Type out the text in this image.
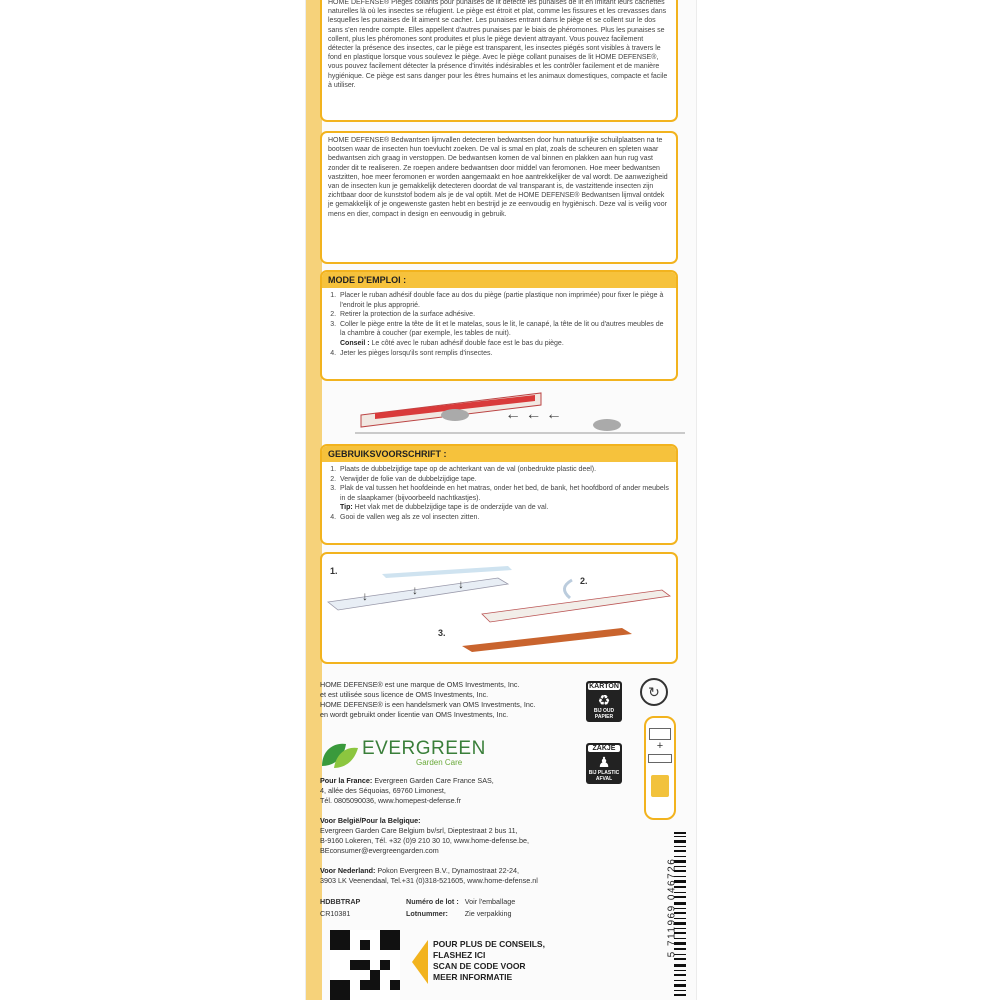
HOME DEFENSE® Pièges collants pour punaises de lit détecte les punaises de lit en imitant leurs cachettes naturelles là où les insectes se réfugient. Le piège est étroit et plat, comme les fissures et les crevasses dans lesquelles les punaises de lit aiment se cacher. Les punaises entrant dans le piège et se collent sur le dos sans s'en rendre compte. Elles appellent d'autres punaises par le biais de phéromones. Plus les punaises se collent, plus les phéromones sont produites et plus le piège devient attrayant. Vous pouvez facilement détecter la présence des insectes, car le piège est transparent, les insectes piégés sont visibles à travers le fond en plastique lorsque vous soulevez le piège. Avec le piège collant punaises de lit HOME DEFENSE®, vous pouvez facilement détecter la présence d'invités indésirables et les contrôler facilement et de manière hygiénique. Ce piège est sans danger pour les êtres humains et les animaux domestiques, compacte et facile à utiliser.

HOME DEFENSE® Bedwantsen lijmvallen detecteren bedwantsen door hun natuurlijke schuilplaatsen na te bootsen waar de insecten hun toevlucht zoeken. De val is smal en plat, zoals de scheuren en spleten waar bedwantsen zich graag in verstoppen. De bedwantsen komen de val binnen en plakken aan hun rug vast zonder dit te realiseren. Ze roepen andere bedwantsen door middel van feromonen. Hoe meer bedwantsen vastzitten, hoe meer feromonen er worden aangemaakt en hoe aantrekkelijker de val wordt. De aanwezigheid van de insecten kun je gemakkelijk detecteren doordat de val transparant is, de vastzittende insecten zijn zichtbaar door de kunststof bodem als je de val optilt. Met de HOME DEFENSE® Bedwantsen lijmval ontdek je gemakkelijk of je ongewenste gasten hebt en bestrijd je ze eenvoudig en hygiënisch. Deze val is veilig voor mens en dier, compact in design en eenvoudig in gebruik.

MODE D'EMPLOI :
1. Placer le ruban adhésif double face au dos du piège (partie plastique non imprimée) pour fixer le piège à l'endroit le plus approprié.
2. Retirer la protection de la surface adhésive.
3. Coller le piège entre la tête de lit et le matelas, sous le lit, le canapé, la tête de lit ou d'autres meubles de la chambre à coucher (par exemple, les tables de nuit).
Conseil : Le côté avec le ruban adhésif double face est le bas du piège.
4. Jeter les pièges lorsqu'ils sont remplis d'insectes.
← ← ←
GEBRUIKSVOORSCHRIFT :
1. Plaats de dubbelzijdige tape op de achterkant van de val (onbedrukte plastic deel).
2. Verwijder de folie van de dubbelzijdige tape.
3. Plak de val tussen het hoofdeinde en het matras, onder het bed, de bank, het hoofdbord of ander meubels in de slaapkamer (bijvoorbeeld nachtkastjes).
Tip: Het vlak met de dubbelzijdige tape is de onderzijde van de val.
4. Gooi de vallen weg als ze vol insecten zitten.
1.
↓	↓	↓	2.
3.
HOME DEFENSE® est une marque de OMS Investments, Inc.
et est utilisée sous licence de OMS Investments, Inc.
HOME DEFENSE® is een handelsmerk van OMS Investments, Inc.
en wordt gebruikt onder licentie van OMS Investments, Inc.
EVERGREEN
Garden Care
Pour la France: Evergreen Garden Care France SAS,
4, allée des Séquoias, 69760 Limonest,
Tél. 0805090036, www.homepest-defense.fr
Voor België/Pour la Belgique:
Evergreen Garden Care Belgium bv/srl, Dieptestraat 2 bus 11,
B-9160 Lokeren, Tél. +32 (0)9 210 30 10, www.home-defense.be,
BEconsumer@evergreengarden.com
Voor Nederland: Pokon Evergreen B.V., Dynamostraat 22-24,
3903 LK Veenendaal, Tel.+31 (0)318-521605, www.home-defense.nl
HDBBTRAP	Numéro de lot :	Voir l'emballage
CR10381	Lotnummer:	Zie verpakking
POUR PLUS DE CONSEILS,
FLASHEZ ICI
SCAN DE CODE VOOR
MEER INFORMATIE
KARTON
♻
BIJ OUD PAPIER
ZAKJE
♟
BIJ PLASTIC AFVAL
↻
+
5 711969 046726
